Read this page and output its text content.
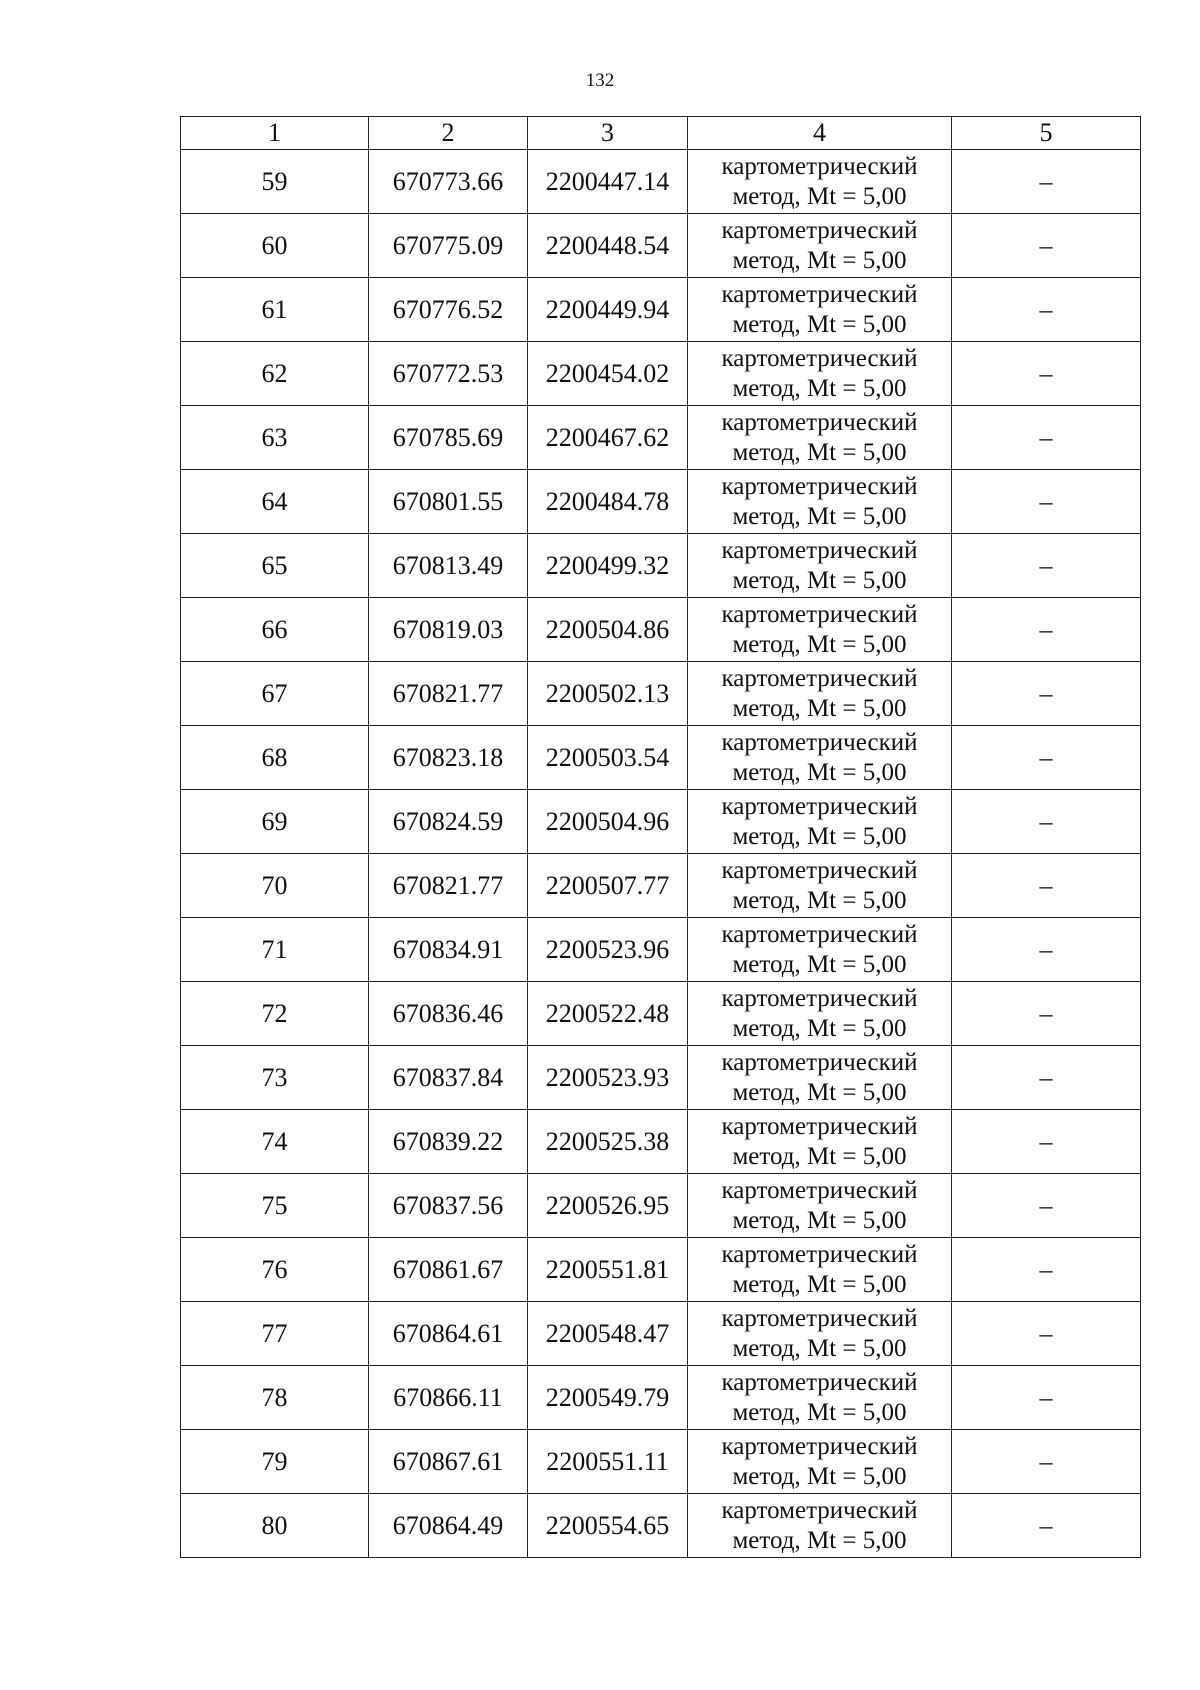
132
1	2	3	4	5
59	670773.66	2200447.14	картометрический
метод, Mt = 5,00	–
60	670775.09	2200448.54	картометрический
метод, Mt = 5,00	–
61	670776.52	2200449.94	картометрический
метод, Mt = 5,00	–
62	670772.53	2200454.02	картометрический
метод, Mt = 5,00	–
63	670785.69	2200467.62	картометрический
метод, Mt = 5,00	–
64	670801.55	2200484.78	картометрический
метод, Mt = 5,00	–
65	670813.49	2200499.32	картометрический
метод, Mt = 5,00	–
66	670819.03	2200504.86	картометрический
метод, Mt = 5,00	–
67	670821.77	2200502.13	картометрический
метод, Mt = 5,00	–
68	670823.18	2200503.54	картометрический
метод, Mt = 5,00	–
69	670824.59	2200504.96	картометрический
метод, Mt = 5,00	–
70	670821.77	2200507.77	картометрический
метод, Mt = 5,00	–
71	670834.91	2200523.96	картометрический
метод, Mt = 5,00	–
72	670836.46	2200522.48	картометрический
метод, Mt = 5,00	–
73	670837.84	2200523.93	картометрический
метод, Mt = 5,00	–
74	670839.22	2200525.38	картометрический
метод, Mt = 5,00	–
75	670837.56	2200526.95	картометрический
метод, Mt = 5,00	–
76	670861.67	2200551.81	картометрический
метод, Mt = 5,00	–
77	670864.61	2200548.47	картометрический
метод, Mt = 5,00	–
78	670866.11	2200549.79	картометрический
метод, Mt = 5,00	–
79	670867.61	2200551.11	картометрический
метод, Mt = 5,00	–
80	670864.49	2200554.65	картометрический
метод, Mt = 5,00	–
